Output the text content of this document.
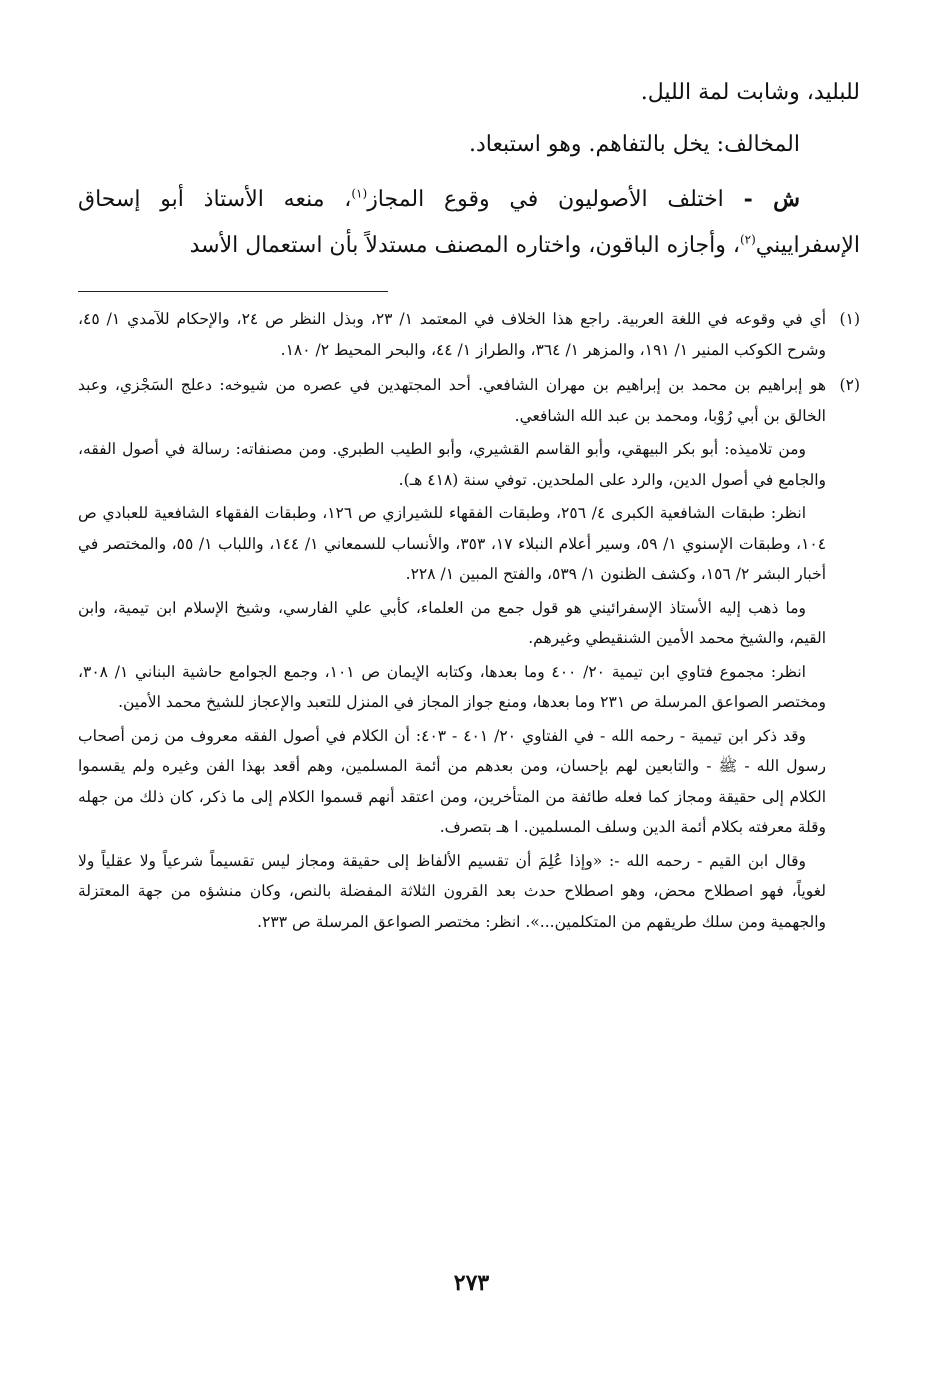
للبليد، وشابت لمة الليل.

المخالف: يخل بالتفاهم. وهو استبعاد.

ش - اختلف الأصوليون في وقوع المجاز$^{(١)}$، منعه الأستاذ أبو إسحاق الإسفراييني$^{(٢)}$، وأجازه الباقون، واختاره المصنف مستدلاً بأن استعمال الأسد

(١)

أي في وقوعه في اللغة العربية. راجع هذا الخلاف في المعتمد ١/ ٢٣، وبذل النظر ص ٢٤، والإحكام للآمدي ١/ ٤٥، وشرح الكوكب المنير ١/ ١٩١، والمزهر ١/ ٣٦٤، والطراز ١/ ٤٤، والبحر المحيط ٢/ ١٨٠.

(٢)

هو إبراهيم بن محمد بن إبراهيم بن مهران الشافعي. أحد المجتهدين في عصره من شيوخه: دعلج السَجْزي، وعبد الخالق بن أبي رُوْبا، ومحمد بن عبد الله الشافعي.

ومن تلاميذه: أبو بكر البيهقي، وأبو القاسم القشيري، وأبو الطيب الطبري. ومن مصنفاته: رسالة في أصول الفقه، والجامع في أصول الدين، والرد على الملحدين. توفي سنة (٤١٨ هـ).

انظر: طبقات الشافعية الكبرى ٤/ ٢٥٦، وطبقات الفقهاء للشيرازي ص ١٢٦، وطبقات الفقهاء الشافعية للعبادي ص ١٠٤، وطبقات الإسنوي ١/ ٥٩، وسير أعلام النبلاء ١٧، ٣٥٣، والأنساب للسمعاني ١/ ١٤٤، واللباب ١/ ٥٥، والمختصر في أخبار البشر ٢/ ١٥٦، وكشف الظنون ١/ ٥٣٩، والفتح المبين ١/ ٢٢٨.

وما ذهب إليه الأستاذ الإسفرائيني هو قول جمع من العلماء، كأبي علي الفارسي، وشيخ الإسلام ابن تيمية، وابن القيم، والشيخ محمد الأمين الشنقيطي وغيرهم.

انظر: مجموع فتاوي ابن تيمية ٢٠/ ٤٠٠ وما بعدها، وكتابه الإيمان ص ١٠١، وجمع الجوامع حاشية البناني ١/ ٣٠٨، ومختصر الصواعق المرسلة ص ٢٣١ وما بعدها، ومنع جواز المجاز في المنزل للتعبد والإعجاز للشيخ محمد الأمين.

وقد ذكر ابن تيمية - رحمه الله - في الفتاوي ٢٠/ ٤٠١ - ٤٠٣: أن الكلام في أصول الفقه معروف من زمن أصحاب رسول الله - ﷺ - والتابعين لهم بإحسان، ومن بعدهم من أئمة المسلمين، وهم أقعد بهذا الفن وغيره ولم يقسموا الكلام إلى حقيقة ومجاز كما فعله طائفة من المتأخرين، ومن اعتقد أنهم قسموا الكلام إلى ما ذكر، كان ذلك من جهله وقلة معرفته بكلام أئمة الدين وسلف المسلمين. ا هـ بتصرف.

وقال ابن القيم - رحمه الله -: «وإذا عُلِمَ أن تقسيم الألفاظ إلى حقيقة ومجاز ليس تقسيماً شرعياً ولا عقلياً ولا لغوياً، فهو اصطلاح محض، وهو اصطلاح حدث بعد القرون الثلاثة المفضلة بالنص، وكان منشؤه من جهة المعتزلة والجهمية ومن سلك طريقهم من المتكلمين...». انظر: مختصر الصواعق المرسلة ص ٢٣٣.

٢٧٣
